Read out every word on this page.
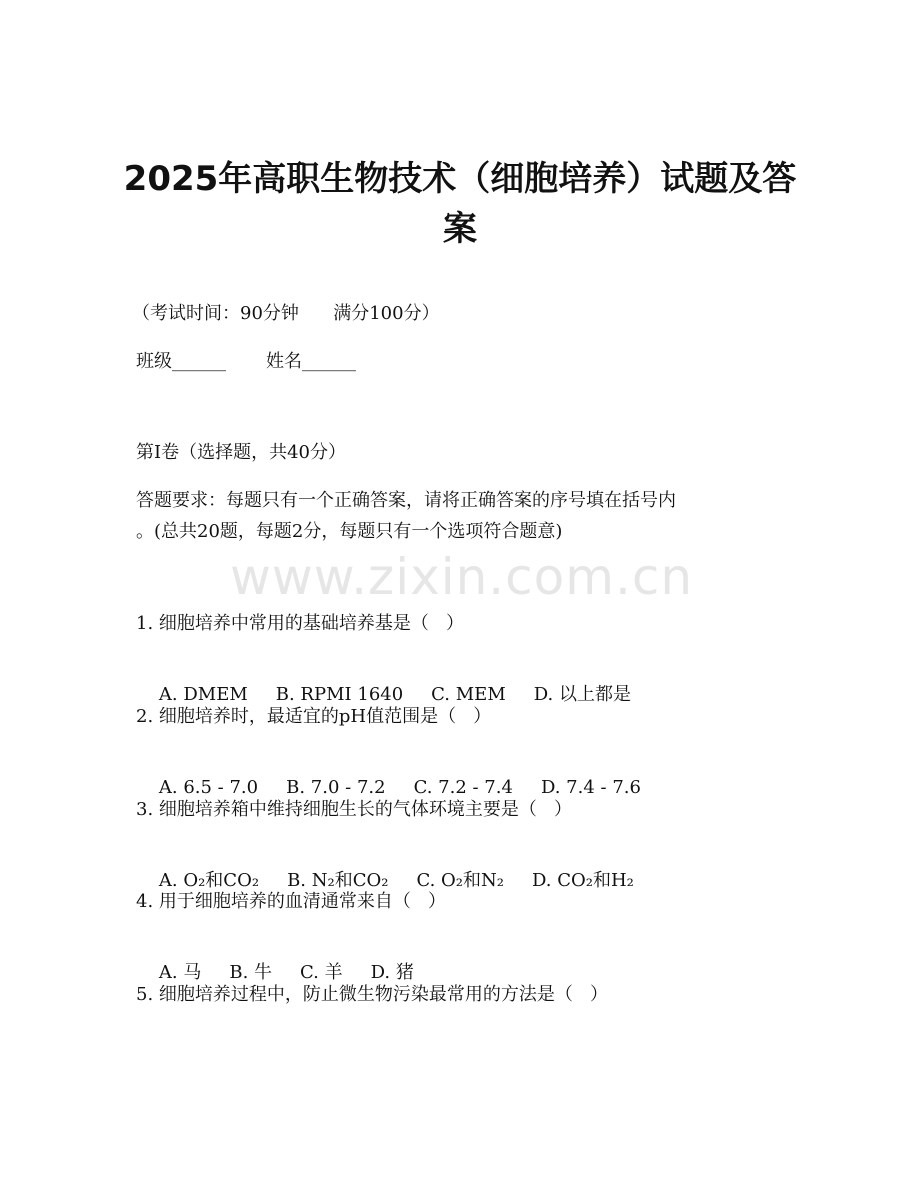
www.zixin.com.cn
2025年高职生物技术（细胞培养）试题及答
案
（考试时间：90分钟      满分100分）
班级______       姓名______
第I卷（选择题，共40分）
答题要求：每题只有一个正确答案，请将正确答案的序号填在括号内
。(总共20题，每题2分，每题只有一个选项符合题意)
1. 细胞培养中常用的基础培养基是（   ）

A. DMEM B. RPMI 1640 C. MEM D. 以上都是

2. 细胞培养时，最适宜的pH值范围是（   ）

A. 6.5 - 7.0 B. 7.0 - 7.2 C. 7.2 - 7.4 D. 7.4 - 7.6

3. 细胞培养箱中维持细胞生长的气体环境主要是（   ）

A. O₂和CO₂ B. N₂和CO₂ C. O₂和N₂ D. CO₂和H₂

4. 用于细胞培养的血清通常来自（   ）

A. 马 B. 牛 C. 羊 D. 猪

5. 细胞培养过程中，防止微生物污染最常用的方法是（   ）
